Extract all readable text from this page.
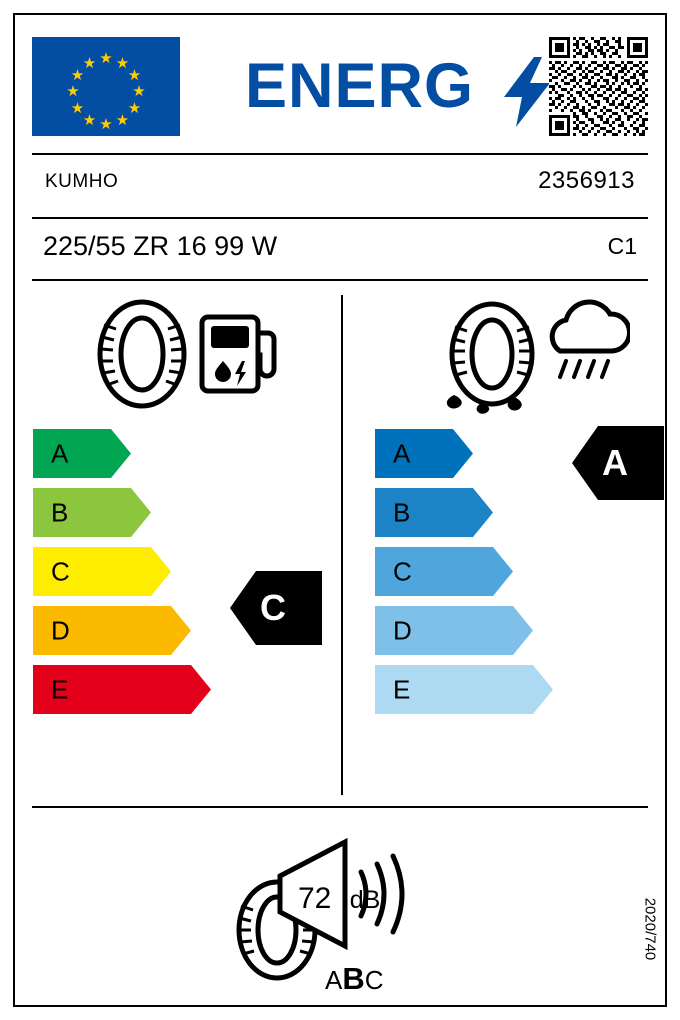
★ ★
★
★
★
★
★
★
★
★
★
★ ENERG
KUMHO	2356913
225/55 ZR 16 99 W	C1
A
B
C
D
E
C
A
B
C
D
E
A
72 dB
ABC
2020/740
